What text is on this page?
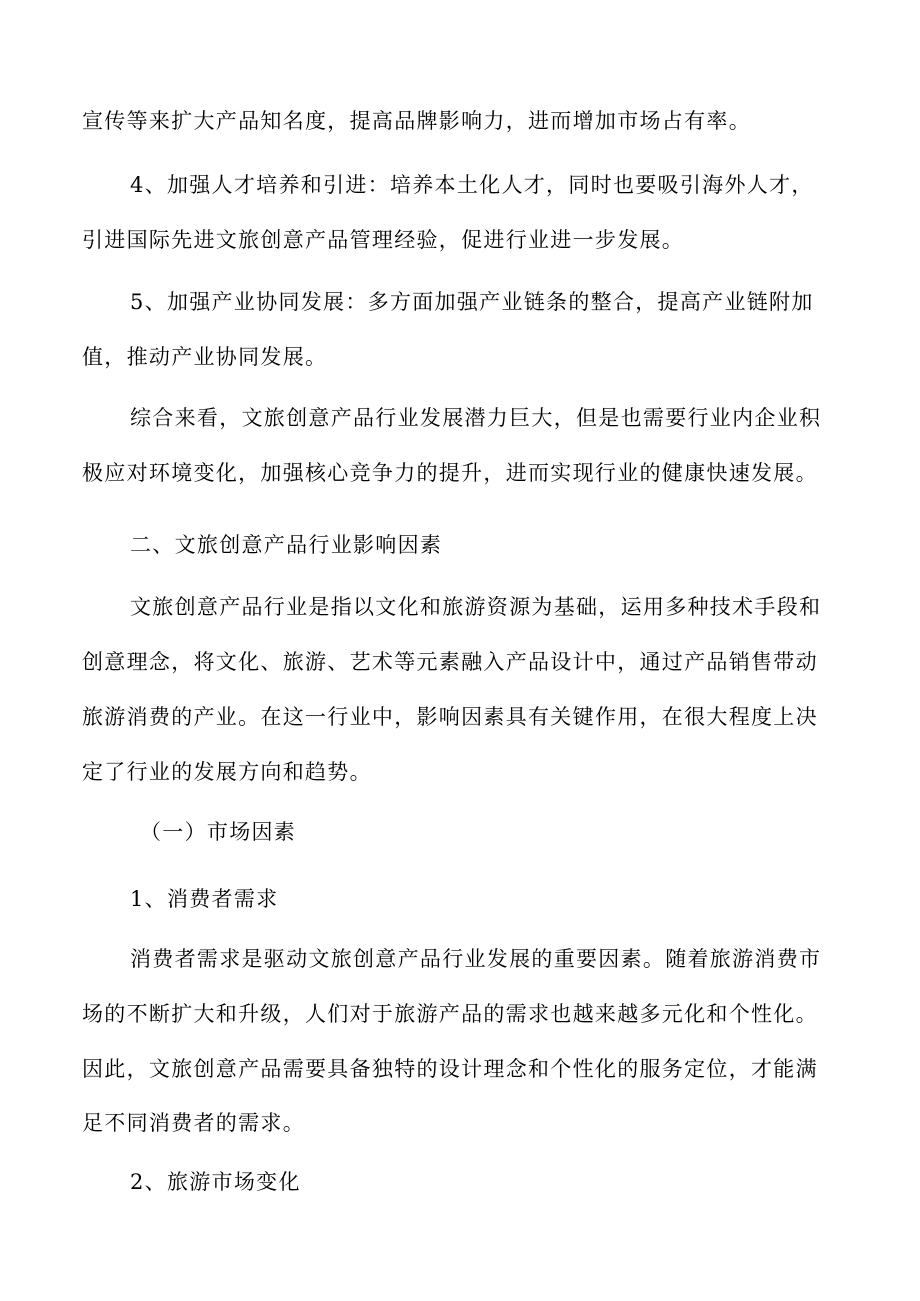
宣传等来扩大产品知名度，提高品牌影响力，进而增加市场占有率。
4、加强人才培养和引进：培养本土化人才，同时也要吸引海外人才，
引进国际先进文旅创意产品管理经验，促进行业进一步发展。
5、加强产业协同发展：多方面加强产业链条的整合，提高产业链附加
值，推动产业协同发展。
综合来看，文旅创意产品行业发展潜力巨大，但是也需要行业内企业积
极应对环境变化，加强核心竞争力的提升，进而实现行业的健康快速发展。
二、文旅创意产品行业影响因素
文旅创意产品行业是指以文化和旅游资源为基础，运用多种技术手段和
创意理念，将文化、旅游、艺术等元素融入产品设计中，通过产品销售带动
旅游消费的产业。在这一行业中，影响因素具有关键作用，在很大程度上决
定了行业的发展方向和趋势。
（一）市场因素
1、消费者需求
消费者需求是驱动文旅创意产品行业发展的重要因素。随着旅游消费市
场的不断扩大和升级，人们对于旅游产品的需求也越来越多元化和个性化。
因此，文旅创意产品需要具备独特的设计理念和个性化的服务定位，才能满
足不同消费者的需求。
2、旅游市场变化
